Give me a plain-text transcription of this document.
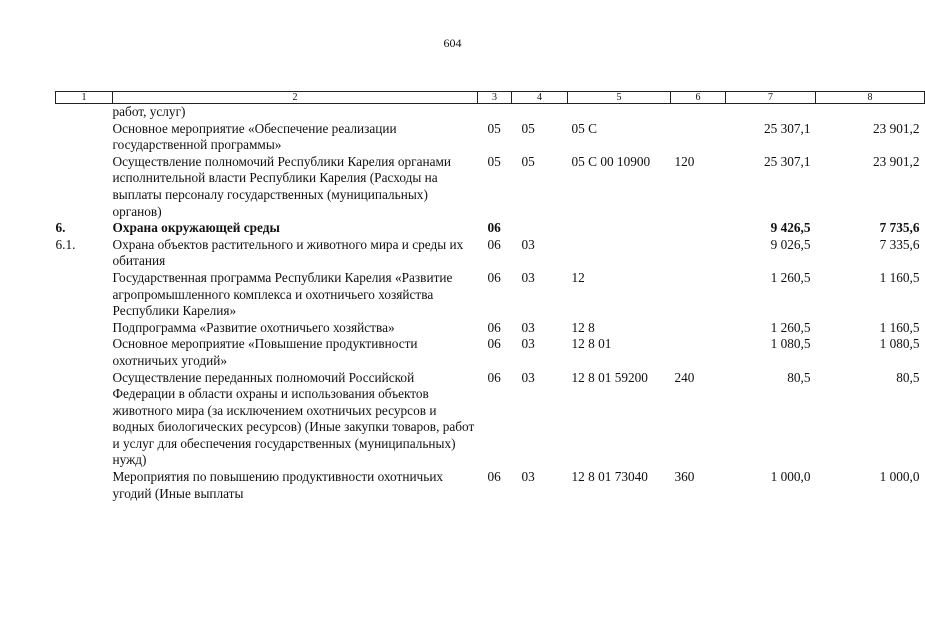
604
1	2	3	4	5	6	7	8
	работ, услуг)						
	Основное мероприятие «Обеспечение реализации государственной программы»	05	05	05 С		25 307,1	23 901,2
	Осуществление полномочий Республики Карелия органами исполнительной власти Республики Карелия (Расходы на выплаты персоналу государственных (муниципальных) органов)	05	05	05 С 00 10900	120	25 307,1	23 901,2
6.	Охрана окружающей среды	06				9 426,5	7 735,6
6.1.	Охрана объектов растительного и животного мира и среды их обитания	06	03			9 026,5	7 335,6
	Государственная программа Республики Карелия «Развитие агропромышленного комплекса и охотничьего хозяйства Республики Карелия»	06	03	12		1 260,5	1 160,5
	Подпрограмма «Развитие охотничьего хозяйства»	06	03	12 8		1 260,5	1 160,5
	Основное мероприятие «Повышение продуктивности охотничьих угодий»	06	03	12 8 01		1 080,5	1 080,5
	Осуществление переданных полномочий Российской Федерации в области охраны и использования объектов животного мира (за исключением охотничьих ресурсов и водных биологических ресурсов) (Иные закупки товаров, работ и услуг для обеспечения государственных (муниципальных) нужд)	06	03	12 8 01 59200	240	80,5	80,5
	Мероприятия по повышению продуктивности охотничьих угодий (Иные выплаты	06	03	12 8 01 73040	360	1 000,0	1 000,0
